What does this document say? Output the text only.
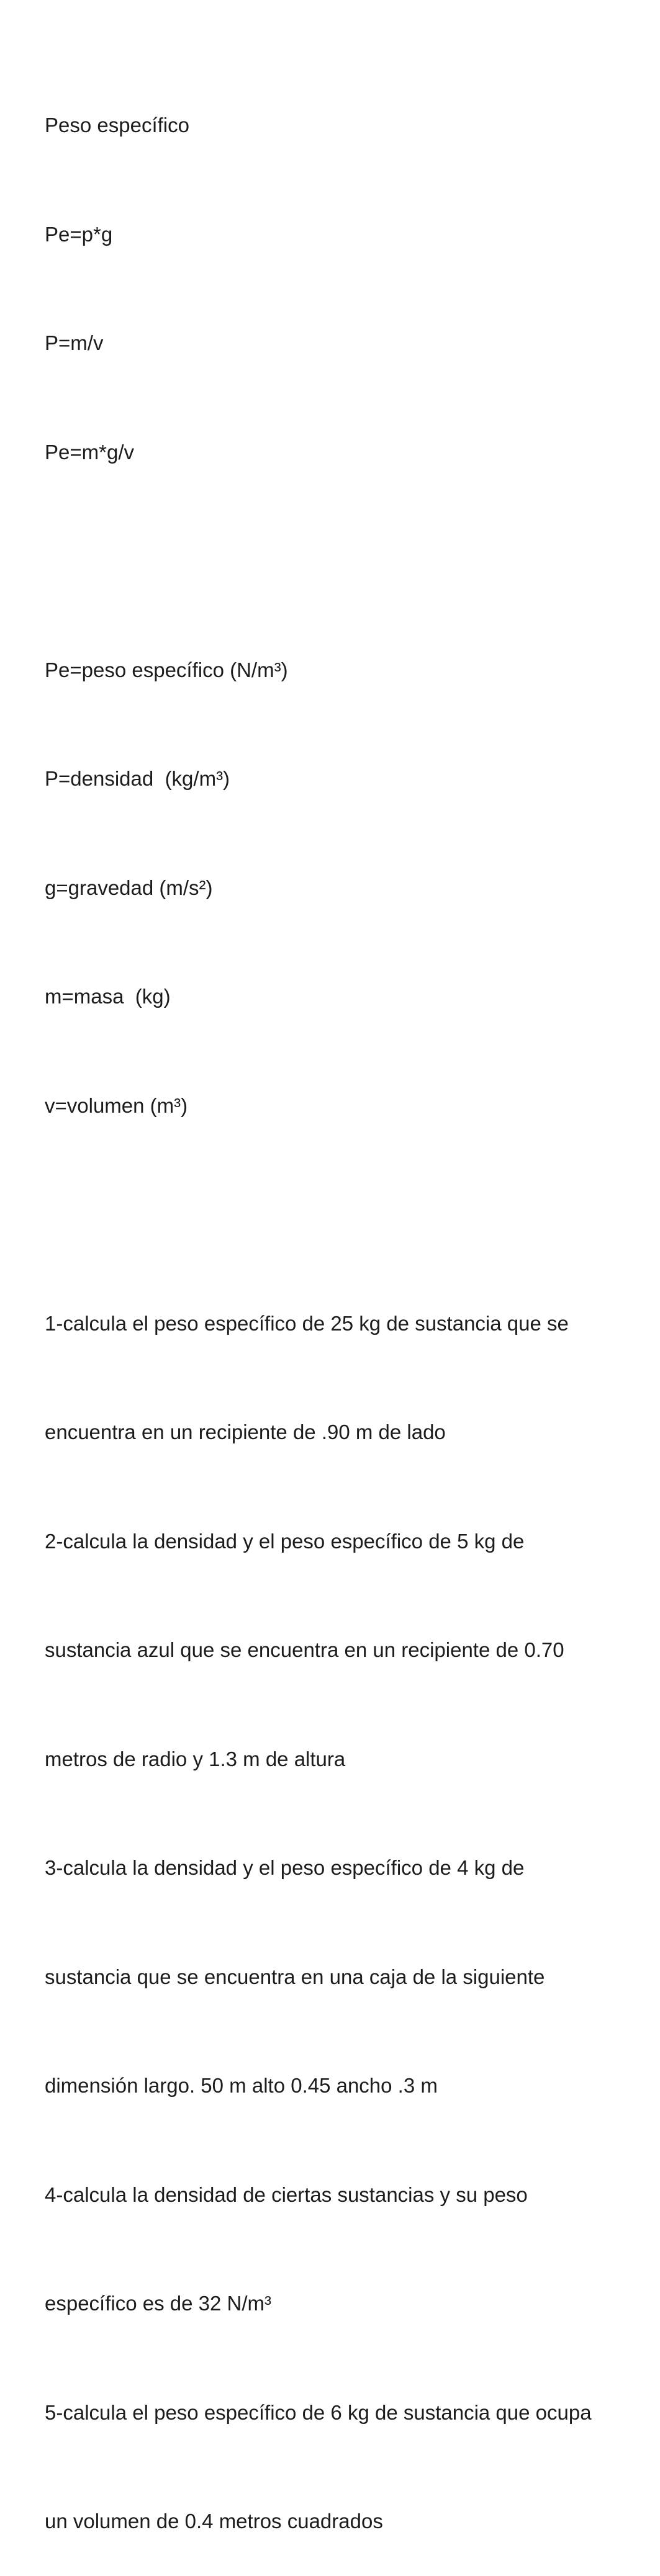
Peso específico

Pe=p*g

P=m/v

Pe=m*g/v

Pe=peso específico (N/m³)

P=densidad  (kg/m³)

g=gravedad (m/s²)

m=masa  (kg)

v=volumen (m³)

1-calcula el peso específico de 25 kg de sustancia que se

encuentra en un recipiente de .90 m de lado

2-calcula la densidad y el peso específico de 5 kg de

sustancia azul que se encuentra en un recipiente de 0.70

metros de radio y 1.3 m de altura

3-calcula la densidad y el peso específico de 4 kg de

sustancia que se encuentra en una caja de la siguiente

dimensión largo. 50 m alto 0.45 ancho .3 m

4-calcula la densidad de ciertas sustancias y su peso

específico es de 32 N/m³

5-calcula el peso específico de 6 kg de sustancia que ocupa

un volumen de 0.4 metros cuadrados
